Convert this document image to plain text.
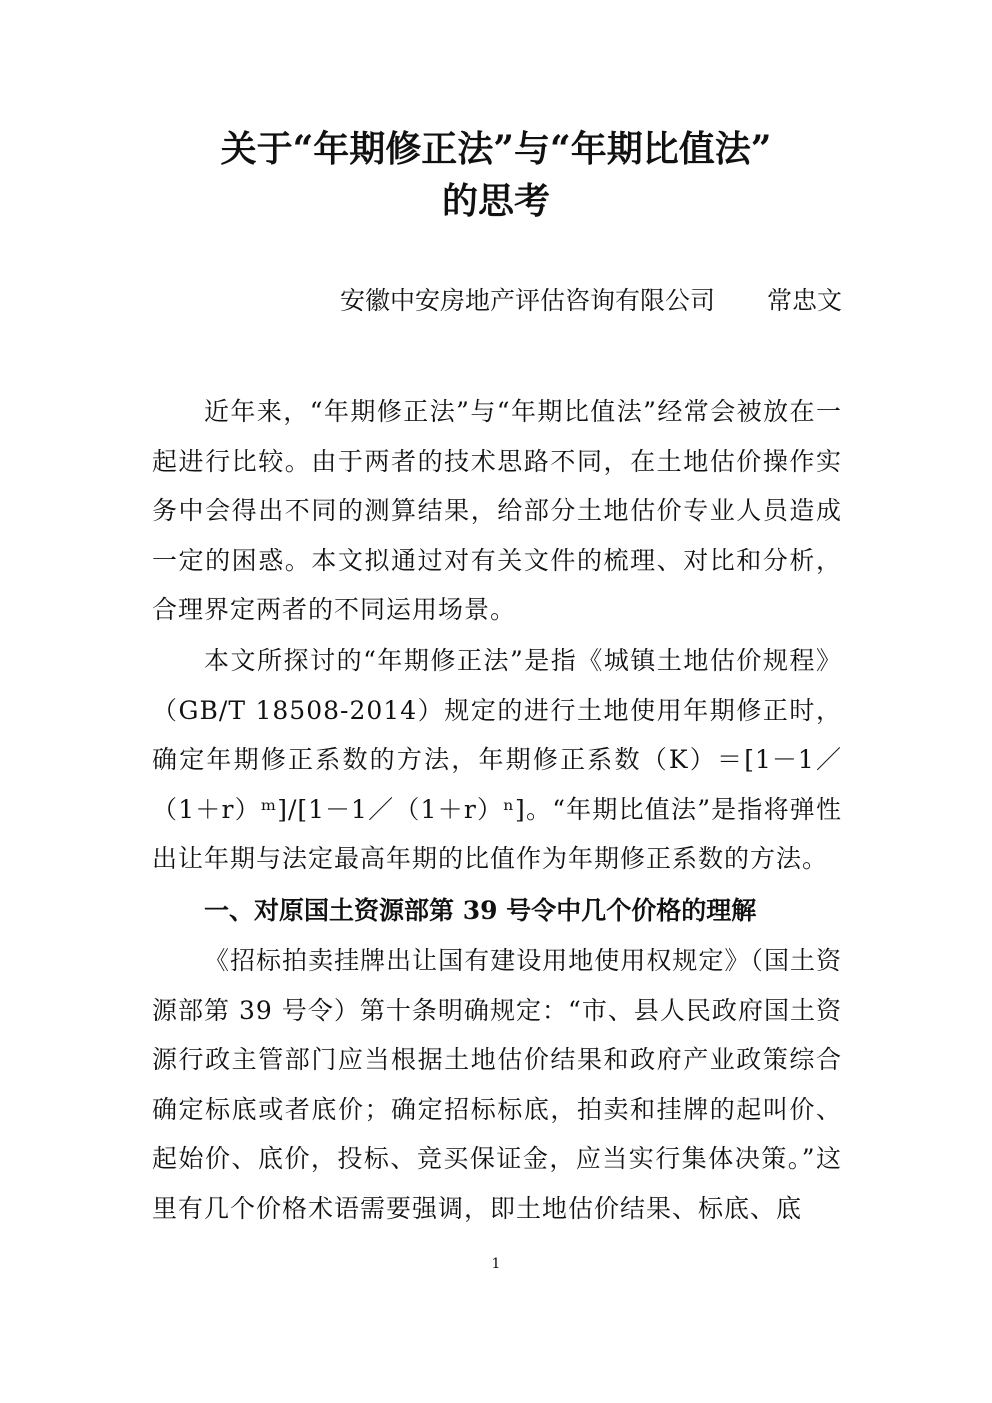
关于“年期修正法”与“年期比值法”
的思考
安徽中安房地产评估咨询有限公司 常忠文

近年来，“年期修正法”与“年期比值法”经常会被放在一起进行比较。由于两者的技术思路不同，在土地估价操作实务中会得出不同的测算结果，给部分土地估价专业人员造成一定的困惑。本文拟通过对有关文件的梳理、对比和分析，合理界定两者的不同运用场景。

本文所探讨的“年期修正法”是指《城镇土地估价规程》（GB/T 18508-2014）规定的进行土地使用年期修正时，确定年期修正系数的方法，年期修正系数（K）＝[1－1／（1＋r）ᵐ]/[1－1／（1＋r）ⁿ]。“年期比值法”是指将弹性出让年期与法定最高年期的比值作为年期修正系数的方法。

一、对原国土资源部第 39 号令中几个价格的理解

《招标拍卖挂牌出让国有建设用地使用权规定》（国土资源部第 39 号令）第十条明确规定：“市、县人民政府国土资源行政主管部门应当根据土地估价结果和政府产业政策综合确定标底或者底价；确定招标标底，拍卖和挂牌的起叫价、起始价、底价，投标、竞买保证金，应当实行集体决策。”这里有几个价格术语需要强调，即土地估价结果、标底、底

1
